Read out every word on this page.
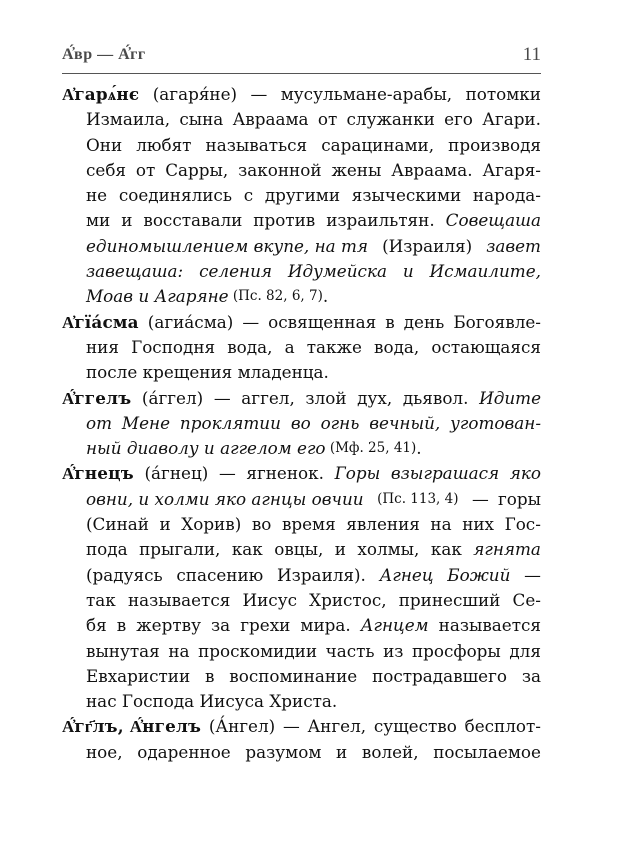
А҆́вр — А҆́гг	11
А҆гарѧ́нє (агаря́не) — мусульмане-арабы, потомки
Измаила, сына Авраама от служанки его Агари.
Они любят называться сарацинами, производя
себя от Сарры, законной жены Авраама. Агаря-
не соединялись с другими языческими народа-
ми и восставали против израильтян. Совещаша
единомышлением вкупе, на тя (Израиля) завет
завещаша: селения Идумейска и Исмаилите,
Моав и Агаряне (Пс. 82, 6, 7) .
А҆гїа́сма (агиа́сма) — освященная в день Богоявле-
ния Господня вода, а также вода, остающаяся
после крещения младенца.
А҆́ггелъ (а́ггел) — аггел, злой дух, дьявол. Идите
от Мене проклятии во огнь вечный, уготован-
ный диаволу и аггелом его (Мф. 25, 41) .
А҆́гнецъ (а́гнец) — ягненок. Горы взыграшася яко
овни, и холми яко агнцы овчии (Пс. 113, 4) — горы
(Синай и Хорив) во время явления на них Гос-
пода прыгали, как овцы, и холмы, как ягнята
(радуясь спасению Израиля). Агнец Божий —
так называется Иисус Христос, принесший Се-
бя в жертву за грехи мира. Агнцем называется
вынутая на проскомидии часть из просфоры для
Евхаристии в воспоминание пострадавшего за
нас Господа Иисуса Христа.
А҆́гг҃лъ, А҆́нгелъ (А́нгел) — Ангел, существо бесплот-
ное, одаренное разумом и волей, посылаемое
